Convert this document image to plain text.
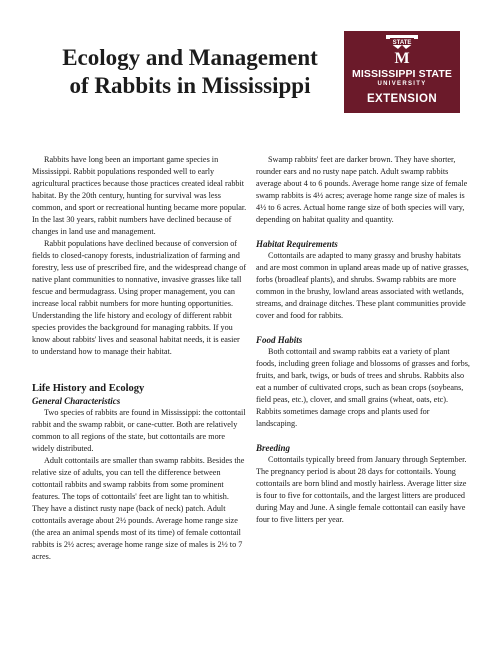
Ecology and Management
of Rabbits in Mississippi
STATE
M
MISSISSIPPI STATE
UNIVERSITY
EXTENSION

Rabbits have long been an important game species in Mississippi. Rabbit populations responded well to early agricultural practices because those practices created ideal rabbit habitat. By the 20th century, hunting for survival was less common, and sport or recreational hunting became more popular. In the last 30 years, rabbit numbers have declined because of changes in land use and management.

Rabbit populations have declined because of conversion of fields to closed-canopy forests, industrialization of farming and forestry, less use of prescribed fire, and the widespread change of native plant communities to nonnative, invasive grasses like tall fescue and bermudagrass. Using proper management, you can increase local rabbit numbers for more hunting opportunities. Understanding the life history and ecology of different rabbit species provides the background for managing rabbits. If you know about rabbits' lives and seasonal habitat needs, it is easier to understand how to manage their habitat.

Life History and Ecology
General Characteristics

Two species of rabbits are found in Mississippi: the cottontail rabbit and the swamp rabbit, or cane-cutter. Both are relatively common to all regions of the state, but cottontails are more widely distributed.

Adult cottontails are smaller than swamp rabbits. Besides the relative size of adults, you can tell the difference between cottontail rabbits and swamp rabbits from some prominent features. The tops of cottontails' feet are light tan to whitish. They have a distinct rusty nape (back of neck) patch. Adult cottontails average about 2½ pounds. Average home range size (the area an animal spends most of its time) of female cottontail rabbits is 2½ acres; average home range size of males is 2½ to 7 acres.

Swamp rabbits' feet are darker brown. They have shorter, rounder ears and no rusty nape patch. Adult swamp rabbits average about 4 to 6 pounds. Average home range size of female swamp rabbits is 4½ acres; average home range size of males is 4½ to 6 acres. Actual home range size of both species will vary, depending on habitat quality and quantity.

Habitat Requirements

Cottontails are adapted to many grassy and brushy habitats and are most common in upland areas made up of native grasses, forbs (broadleaf plants), and shrubs. Swamp rabbits are more common in the brushy, lowland areas associated with wetlands, streams, and drainage ditches. These plant communities provide cover and food for rabbits.

Food Habits

Both cottontail and swamp rabbits eat a variety of plant foods, including green foliage and blossoms of grasses and forbs, fruits, and bark, twigs, or buds of trees and shrubs. Rabbits also eat a number of cultivated crops, such as bean crops (soybeans, field peas, etc.), clover, and small grains (wheat, oats, etc). Rabbits sometimes damage crops and plants used for landscaping.

Breeding

Cottontails typically breed from January through September. The pregnancy period is about 28 days for cottontails. Young cottontails are born blind and mostly hairless. Average litter size is four to five for cottontails, and the largest litters are produced during May and June. A single female cottontail can easily have four to five litters per year.
